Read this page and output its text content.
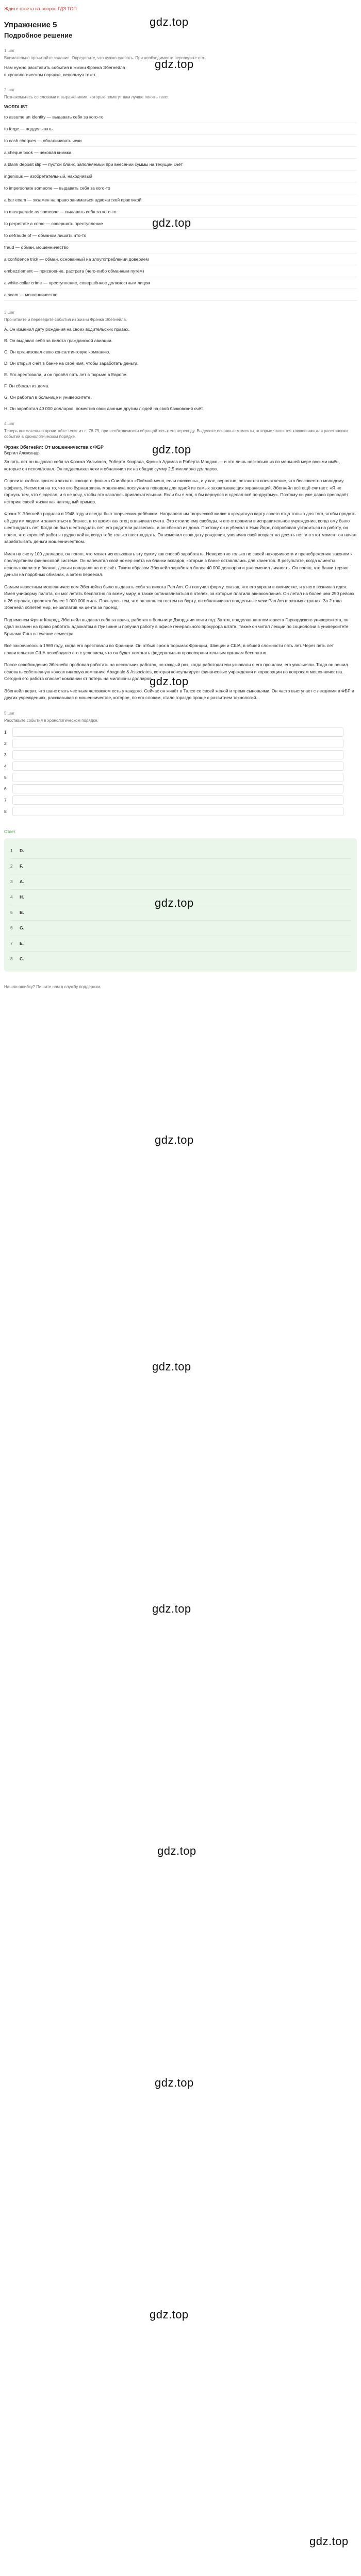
Ждите ответа на вопрос ГДЗ ТОП
Упражнение 5
Подробное решение
1 шаг
Внимательно прочитайте задание. Определите, что нужно сделать. При необходимости переведите его.

Нам нужно расставить события в жизни Фрэнка Эбегнейла

в хронологическом порядке, используя текст.

2 шаг
Познакомьтесь со словами и выражениями, которые помогут вам лучше понять текст.
WORDLIST
to assume an identity — выдавать себя за кого-то
to forge — подделывать
to cash cheques — обналичивать чеки
a cheque book — чековая книжка
a blank deposit slip — пустой бланк, заполняемый при внесении суммы на текущий счёт
ingenious — изобретательный, находчивый
to impersonate someone — выдавать себя за кого-то
a bar exam — экзамен на право заниматься адвокатской практикой
to masquerade as someone — выдавать себя за кого-то
to perpetrate a crime — совершать преступление
to defraude of — обманом лишать что-то
fraud — обман, мошенничество
a confidence trick — обман, основанный на злоупотреблении доверием
embezzlement — присвоение, растрата (чего-либо обманным путём)
a white-collar crime — преступление, совершённое должностным лицом
a scam — мошенничество
3 шаг
Прочитайте и переведите события из жизни Фрэнка Эбегнейла.

A. Он изменил дату рождения на своих водительских правах.

B. Он выдавал себя за пилота гражданской авиации.

C. Он организовал свою консалтинговую компанию.

D. Он открыл счёт в банке на своё имя, чтобы заработать деньги.

E. Его арестовали, и он провёл пять лет в тюрьме в Европе.

F. Он сбежал из дома.

G. Он работал в больнице и университете.

H. Он заработал 40 000 долларов, поместив свои данные другим людей на свой банковский счёт.

4 шаг
Теперь внимательно прочитайте текст из с. 78-79, при необходимости обращайтесь к его переводу. Выделите основные моменты, которые являются ключевыми для расстановки событий в хронологическом порядке.
Фрэнк Эбегнейл: От мошенничества к ФБР
Вергил Александр

За пять лет он выдавал себя за Фрэнка Уильямса, Роберта Конрада, Фрэнка Адамса и Роберта Монджо — и это лишь несколько из по меньшей мере восьми имён, которые он использовал. Он подделывал чеки и обналичил их на общую сумму 2,5 миллиона долларов.

Спросите любого зрителя захватывающего фильма Спилберга «Поймай меня, если сможешь», и у вас, вероятно, останется впечатление, что бессовестно молодому эффекту. Несмотря на то, что его бурная жизнь мошенника послужила поводом для одной из самых захватывающих экранизаций, Эбегнейл всё ещё считает: «Я не горжусь тем, что я сделал, и я не хочу, чтобы это казалось привлекательным. Если бы я мог, я бы вернулся и сделал всё по-другому». Поэтому он уже давно преподаёт историю своей жизни как наглядный пример.

Фрэнк У. Эбегнейл родился в 1948 году и всегда был творческим ребёнком. Направляя им творческой жилке в кредитную карту своего отца только для того, чтобы продать её другим людям и заниматься в бизнес, в то время как отец оплачивал счета. Это стоило ему свободы, и его отправили в исправительное учреждение, когда ему было шестнадцать лет. Когда он был шестнадцать лет, его родители развелись, и он сбежал из дома. Поэтому он и убежал в Нью-Йорк, попробовав устроиться на работу, он понял, что хорошей работы трудно найти, когда тебе только шестнадцать. Он изменил свою дату рождения, увеличив свой возраст на десять лет, и в этот момент он начал зарабатывать деньги мошенничеством.

Имея на счету 100 долларов, он понял, что может использовать эту сумму как способ заработать. Невероятно только по своей находчивости и пренебрежению законом к последствиям финансовой системе. Он напечатал свой номер счёта на бланки вкладов, которые в банке оставлялись для клиентов. В результате, когда клиенты использовали эти бланки, деньги попадали на его счёт. Таким образом Эбегнейл заработал более 40 000 долларов и уже сменил личность. Он понял, что банки теряют деньги на подобных обманах, а затем переехал.

Самым известным мошенничеством Эбегнейла было выдавать себя за пилота Pan Am. Он получил форму, сказав, что его украли в химчистке, и у него возникла идея. Имея униформу пилота, он мог летать бесплатно по всему миру, а также останавливаться в отелях, за которые платила авиакомпания. Он летал на более чем 250 рейсах в 26 странах, пролетев более 1 000 000 миль. Пользуясь тем, что он являлся гостем на борту, он обналичивал поддельные чеки Pan Am в разных странах. За 2 года Эбегнейл облетел мир, не заплатив ни цента за проезд.

Под именем Фрэнк Конрад, Эбегнейл выдавал себя за врача, работая в больнице Джорджии почти год. Затем, подделав диплом юриста Гарвардского университета, он сдал экзамен на право работать адвокатом в Луизиане и получил работу в офисе генерального прокурора штата. Также он читал лекции по социологии в университете Бригама Янга в течение семестра.

Всё закончилось в 1969 году, когда его арестовали во Франции. Он отбыл срок в тюрьмах Франции, Швеции и США, в общей сложности пять лет. Через пять лет правительство США освободило его с условием, что он будет помогать федеральным правоохранительным органам бесплатно.

После освобождения Эбегнейл пробовал работать на нескольких работах, но каждый раз, когда работодатели узнавали о его прошлом, его увольняли. Тогда он решил основать собственную консалтинговую компанию Abagnale & Associates, которая консультирует финансовые учреждения и корпорации по вопросам мошенничества. Сегодня его работа спасает компании от потерь на миллионы долларов.

Эбегнейл верит, что шанс стать честным человеком есть у каждого. Сейчас он живёт в Талсе со своей женой и тремя сыновьями. Он часто выступает с лекциями в ФБР и других учреждениях, рассказывая о мошенничестве, которое, по его словам, стало гораздо проще с развитием технологий.

5 шаг
Расставьте события в хронологическом порядке.
1
2
3
4
5
6
7
8
Ответ
1	D.
2	F.
3	A.
4	H.
5	B.
6	G.
7	E.
8	C.
Нашли ошибку? Пишите нам в службу поддержки.
gdz.top
gdz.top
gdz.top
gdz.top
gdz.top
gdz.top
gdz.top
gdz.top
gdz.top
gdz.top
gdz.top
gdz.top
gdz.top
